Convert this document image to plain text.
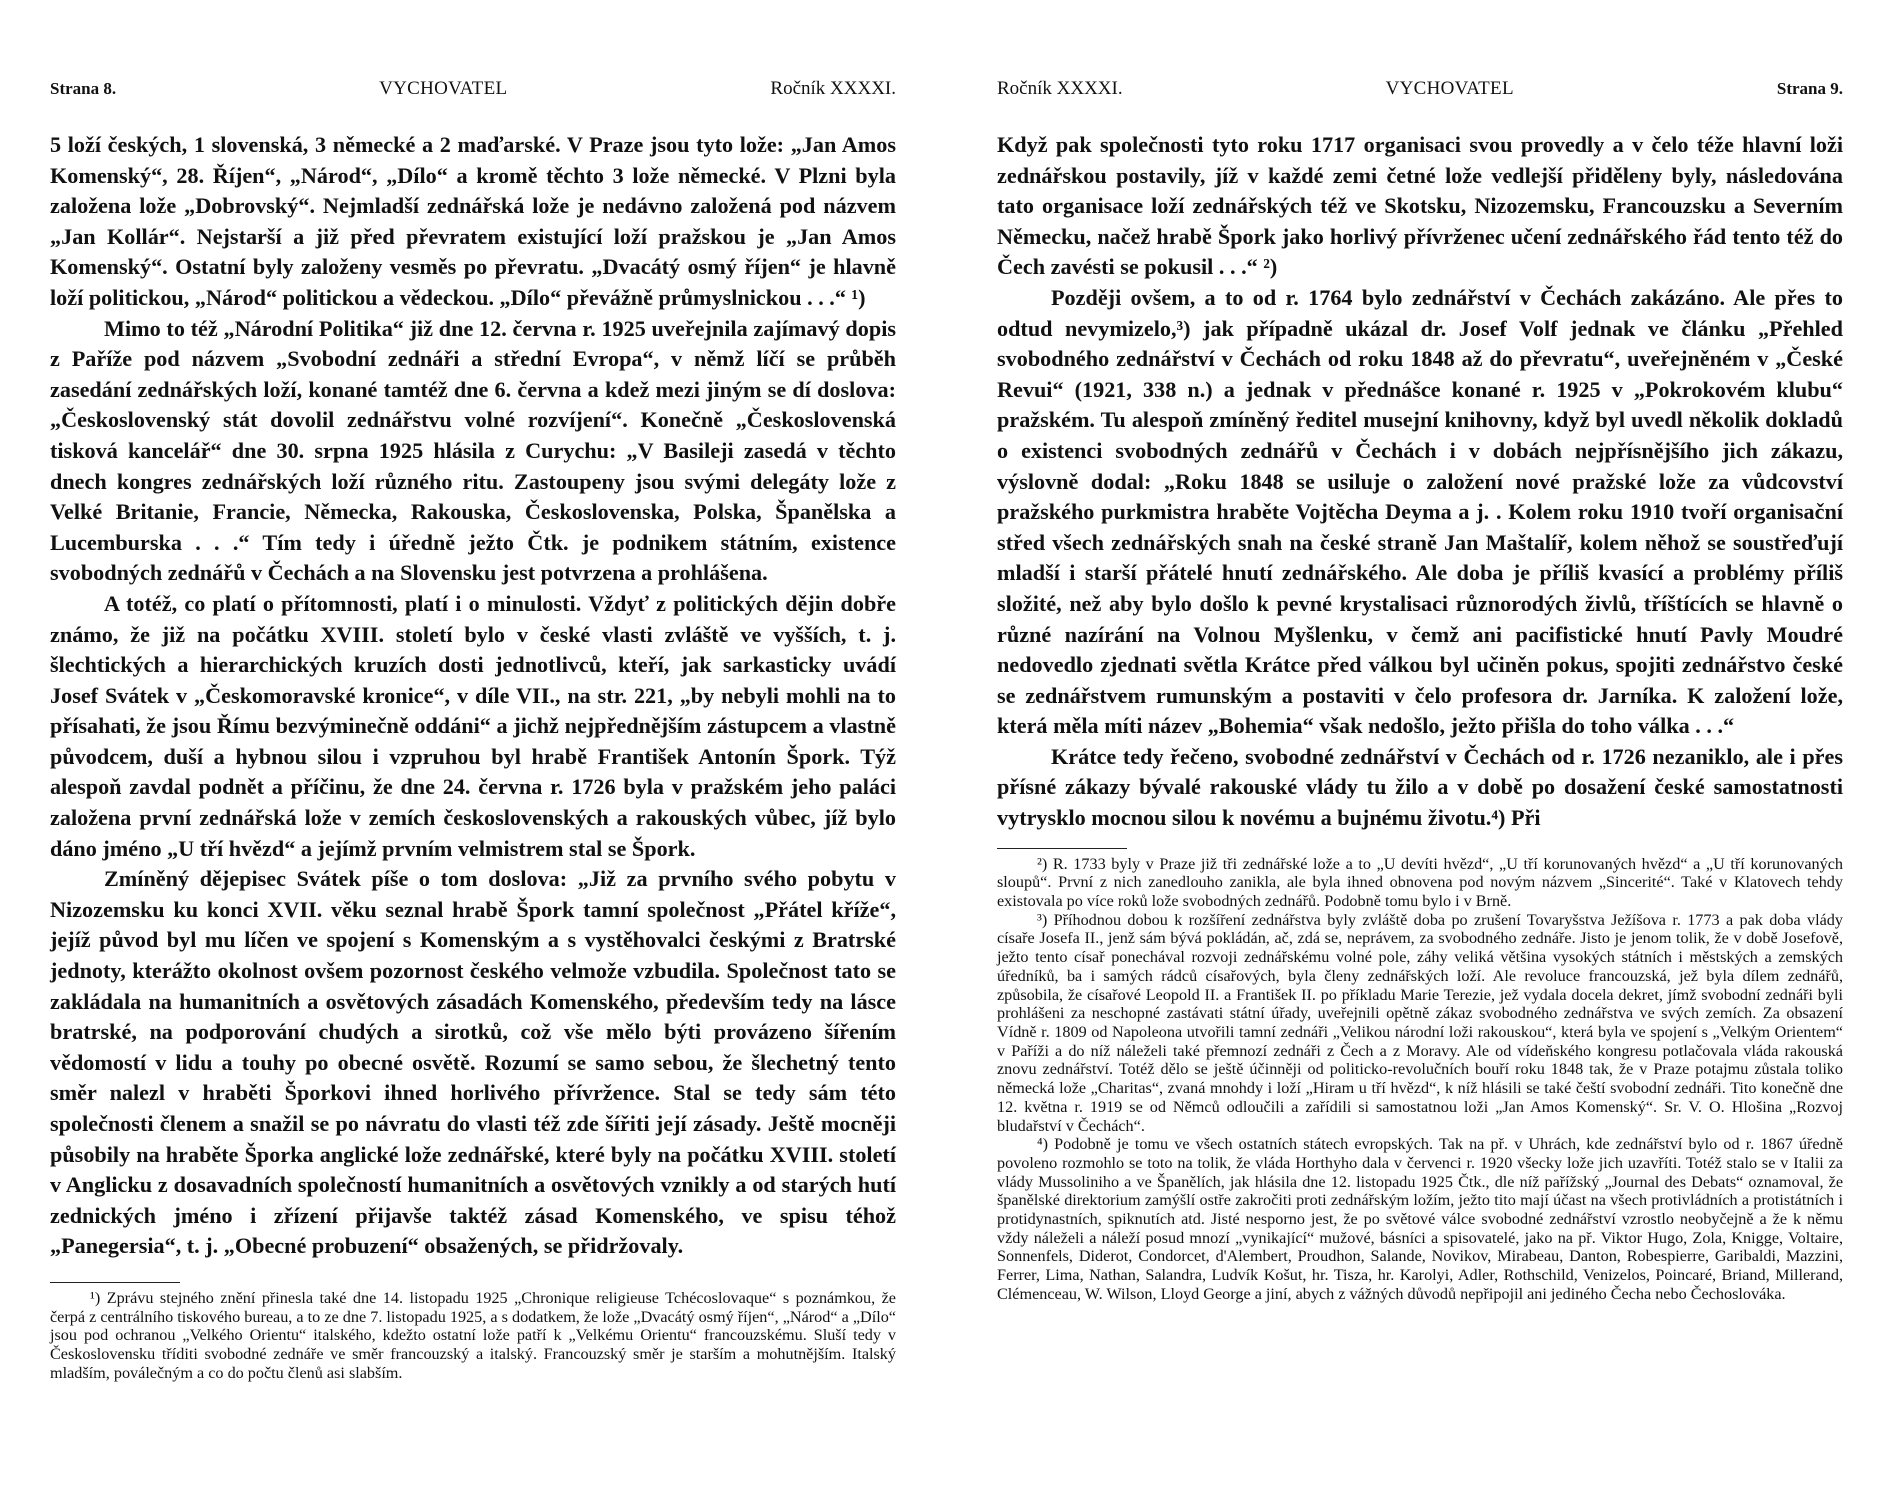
Strana 8.	VYCHOVATEL	Ročník XXXXI.

5 loží českých, 1 slovenská, 3 německé a 2 maďarské. V Praze jsou tyto lože: „Jan Amos Komenský“, 28. Říjen“, „Národ“, „Dílo“ a kromě těchto 3 lože německé. V Plzni byla založena lože „Dobrovský“. Nejmladší zednářská lože je nedávno založená pod názvem „Jan Kollár“. Nejstarší a již před převratem existující loží pražskou je „Jan Amos Komenský“. Ostatní byly založeny vesměs po převratu. „Dvacátý osmý říjen“ je hlavně loží politickou, „Národ“ politickou a vědeckou. „Dílo“ převážně průmyslnickou . . .“ ¹)

Mimo to též „Národní Politika“ již dne 12. června r. 1925 uveřejnila zajímavý dopis z Paříže pod názvem „Svobodní zednáři a střední Evropa“, v němž líčí se průběh zasedání zednářských loží, konané tamtéž dne 6. června a kdež mezi jiným se dí doslova: „Československý stát dovolil zednářstvu volné rozvíjení“. Konečně „Československá tisková kancelář“ dne 30. srpna 1925 hlásila z Curychu: „V Basileji zasedá v těchto dnech kongres zednářských loží různého ritu. Zastoupeny jsou svými delegáty lože z Velké Britanie, Francie, Německa, Rakouska, Československa, Polska, Španělska a Lucemburska . . .“ Tím tedy i úředně ježto Čtk. je podnikem státním, existence svobodných zednářů v Čechách a na Slovensku jest potvrzena a prohlášena.

A totéž, co platí o přítomnosti, platí i o minulosti. Vždyť z politických dějin dobře známo, že již na počátku XVIII. století bylo v české vlasti zvláště ve vyšších, t. j. šlechtických a hierarchických kruzích dosti jednotlivců, kteří, jak sarkasticky uvádí Josef Svátek v „Českomoravské kronice“, v díle VII., na str. 221, „by nebyli mohli na to přísahati, že jsou Římu bezvýminečně oddáni“ a jichž nejpřednějším zástupcem a vlastně původcem, duší a hybnou silou i vzpruhou byl hrabě František Antonín Špork. Týž alespoň zavdal podnět a příčinu, že dne 24. června r. 1726 byla v pražském jeho paláci založena první zednářská lože v zemích československých a rakouských vůbec, jíž bylo dáno jméno „U tří hvězd“ a jejímž prvním velmistrem stal se Špork.

Zmíněný dějepisec Svátek píše o tom doslova: „Již za prvního svého pobytu v Nizozemsku ku konci XVII. věku seznal hrabě Špork tamní společnost „Přátel kříže“, jejíž původ byl mu líčen ve spojení s Komenským a s vystěhovalci českými z Bratrské jednoty, kterážto okolnost ovšem pozornost českého velmože vzbudila. Společnost tato se zakládala na humanitních a osvětových zásadách Komenského, především tedy na lásce bratrské, na podporování chudých a sirotků, což vše mělo býti provázeno šířením vědomostí v lidu a touhy po obecné osvětě. Rozumí se samo sebou, že šlechetný tento směr nalezl v hraběti Šporkovi ihned horlivého přívržence. Stal se tedy sám této společnosti členem a snažil se po návratu do vlasti též zde šířiti její zásady. Ještě mocněji působily na hraběte Šporka anglické lože zednářské, které byly na počátku XVIII. století v Anglicku z dosavadních společností humanitních a osvětových vznikly a od starých hutí zednických jméno i zřízení přijavše taktéž zásad Komenského, ve spisu téhož „Panegersia“, t. j. „Obecné probuzení“ obsažených, se přidržovaly.

¹) Zprávu stejného znění přinesla také dne 14. listopadu 1925 „Chronique religieuse Tchécoslovaque“ s poznámkou, že čerpá z centrálního tiskového bureau, a to ze dne 7. listopadu 1925, a s dodatkem, že lože „Dvacátý osmý říjen“, „Národ“ a „Dílo“ jsou pod ochranou „Velkého Orientu“ italského, kdežto ostatní lože patří k „Velkému Orientu“ francouzskému. Sluší tedy v Československu tříditi svobodné zednáře ve směr francouzský a italský. Francouzský směr je starším a mohutnějším. Italský mladším, poválečným a co do počtu členů asi slabším.

Ročník XXXXI.	VYCHOVATEL	Strana 9.

Když pak společnosti tyto roku 1717 organisaci svou provedly a v čelo téže hlavní loži zednářskou postavily, jíž v každé zemi četné lože vedlejší přiděleny byly, následována tato organisace loží zednářských též ve Skotsku, Nizozemsku, Francouzsku a Severním Německu, načež hrabě Špork jako horlivý přívrženec učení zednářského řád tento též do Čech zavésti se pokusil . . .“ ²)

Později ovšem, a to od r. 1764 bylo zednářství v Čechách zakázáno. Ale přes to odtud nevymizelo,³) jak případně ukázal dr. Josef Volf jednak ve článku „Přehled svobodného zednářství v Čechách od roku 1848 až do převratu“, uveřejněném v „České Revui“ (1921, 338 n.) a jednak v přednášce konané r. 1925 v „Pokrokovém klubu“ pražském. Tu alespoň zmíněný ředitel musejní knihovny, když byl uvedl několik dokladů o existenci svobodných zednářů v Čechách i v dobách nejpřísnějšího jich zákazu, výslovně dodal: „Roku 1848 se usiluje o založení nové pražské lože za vůdcovství pražského purkmistra hraběte Vojtěcha Deyma a j. . Kolem roku 1910 tvoří organisační střed všech zednářských snah na české straně Jan Maštalíř, kolem něhož se soustřeďují mladší i starší přátelé hnutí zednářského. Ale doba je příliš kvasící a problémy příliš složité, než aby bylo došlo k pevné krystalisaci různorodých živlů, tříštících se hlavně o různé nazírání na Volnou Myšlenku, v čemž ani pacifistické hnutí Pavly Moudré nedovedlo zjednati světla Krátce před válkou byl učiněn pokus, spojiti zednářstvo české se zednářstvem rumunským a postaviti v čelo profesora dr. Jarníka. K založení lože, která měla míti název „Bohemia“ však nedošlo, ježto přišla do toho válka . . .“

Krátce tedy řečeno, svobodné zednářství v Čechách od r. 1726 nezaniklo, ale i přes přísné zákazy bývalé rakouské vlády tu žilo a v době po dosažení české samostatnosti vytrysklo mocnou silou k novému a bujnému životu.⁴) Při

²) R. 1733 byly v Praze již tři zednářské lože a to „U devíti hvězd“, „U tří korunovaných hvězd“ a „U tří korunovaných sloupů“. První z nich zanedlouho zanikla, ale byla ihned obnovena pod novým názvem „Sincerité“. Také v Klatovech tehdy existovala po více roků lože svobodných zednářů. Podobně tomu bylo i v Brně.

³) Příhodnou dobou k rozšíření zednářstva byly zvláště doba po zrušení Tovaryšstva Ježíšova r. 1773 a pak doba vlády císaře Josefa II., jenž sám bývá pokládán, ač, zdá se, neprávem, za svobodného zednáře. Jisto je jenom tolik, že v době Josefově, ježto tento císař ponechával rozvoji zednářskému volné pole, záhy veliká většina vysokých státních i městských a zemských úředníků, ba i samých rádců císařových, byla členy zednářských loží. Ale revoluce francouzská, jež byla dílem zednářů, způsobila, že císařové Leopold II. a František II. po příkladu Marie Terezie, jež vydala docela dekret, jímž svobodní zednáři byli prohlášeni za neschopné zastávati státní úřady, uveřejnili opětně zákaz svobodného zednářstva ve svých zemích. Za obsazení Vídně r. 1809 od Napoleona utvořili tamní zednáři „Velikou národní loži rakouskou“, která byla ve spojení s „Velkým Orientem“ v Paříži a do níž náleželi také přemnozí zednáři z Čech a z Moravy. Ale od vídeňského kongresu potlačovala vláda rakouská znovu zednářství. Totéž dělo se ještě účinněji od politicko-revolučních bouří roku 1848 tak, že v Praze potajmu zůstala toliko německá lože „Charitas“, zvaná mnohdy i loží „Hiram u tří hvězd“, k níž hlásili se také čeští svobodní zednáři. Tito konečně dne 12. května r. 1919 se od Němců odloučili a zařídili si samostatnou loži „Jan Amos Komenský“. Sr. V. O. Hlošina „Rozvoj bludařství v Čechách“.

⁴) Podobně je tomu ve všech ostatních státech evropských. Tak na př. v Uhrách, kde zednářství bylo od r. 1867 úředně povoleno rozmohlo se toto na tolik, že vláda Horthyho dala v červenci r. 1920 všecky lože jich uzavříti. Totéž stalo se v Italii za vlády Mussoliniho a ve Španělích, jak hlásila dne 12. listopadu 1925 Čtk., dle níž pařížský „Journal des Debats“ oznamoval, že španělské direktorium zamýšlí ostře zakročiti proti zednářským ložím, ježto tito mají účast na všech protivládních a protistátních i protidynastních, spiknutích atd. Jisté nesporno jest, že po světové válce svobodné zednářství vzrostlo neobyčejně a že k němu vždy náleželi a náleží posud mnozí „vynikající“ mužové, básníci a spisovatelé, jako na př. Viktor Hugo, Zola, Knigge, Voltaire, Sonnenfels, Diderot, Condorcet, d'Alembert, Proudhon, Salande, Novikov, Mirabeau, Danton, Robespierre, Garibaldi, Mazzini, Ferrer, Lima, Nathan, Salandra, Ludvík Košut, hr. Tisza, hr. Karolyi, Adler, Rothschild, Venizelos, Poincaré, Briand, Millerand, Clémenceau, W. Wilson, Lloyd George a jiní, abych z vážných důvodů nepřipojil ani jediného Čecha nebo Čechoslováka.
